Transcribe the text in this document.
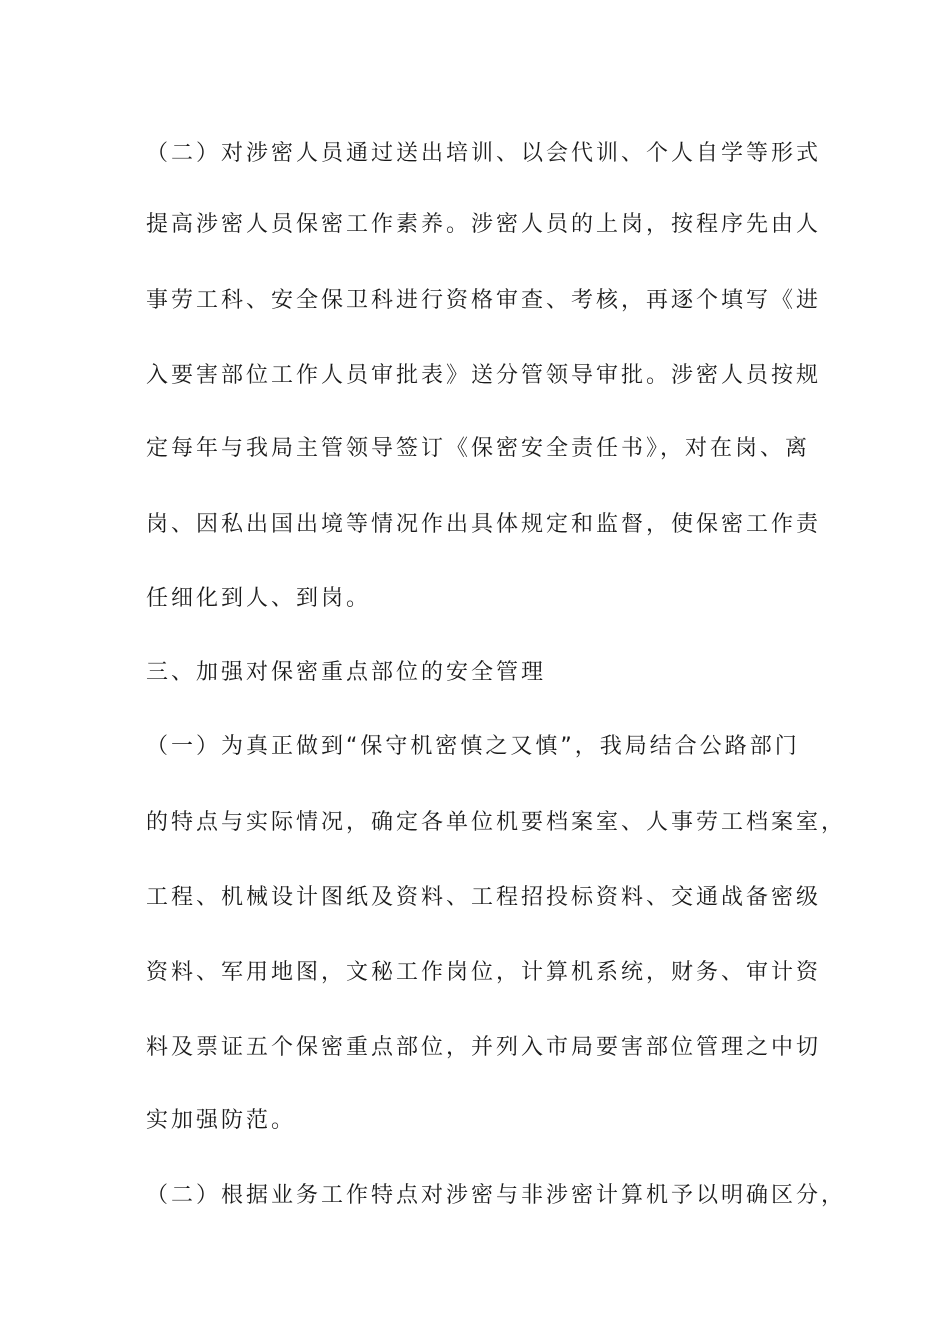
（二）对涉密人员通过送出培训、以会代训、个人自学等形式
提高涉密人员保密工作素养。涉密人员的上岗，按程序先由人
事劳工科、安全保卫科进行资格审查、考核，再逐个填写《进
入要害部位工作人员审批表》送分管领导审批。涉密人员按规
定每年与我局主管领导签订《保密安全责任书》，对在岗、离
岗、因私出国出境等情况作出具体规定和监督，使保密工作责
任细化到人、到岗。
三、加强对保密重点部位的安全管理
（一）为真正做到“保守机密慎之又慎”，我局结合公路部门
的特点与实际情况，确定各单位机要档案室、人事劳工档案室，
工程、机械设计图纸及资料、工程招投标资料、交通战备密级
资料、军用地图，文秘工作岗位，计算机系统，财务、审计资
料及票证五个保密重点部位，并列入市局要害部位管理之中切
实加强防范。
（二）根据业务工作特点对涉密与非涉密计算机予以明确区分，
